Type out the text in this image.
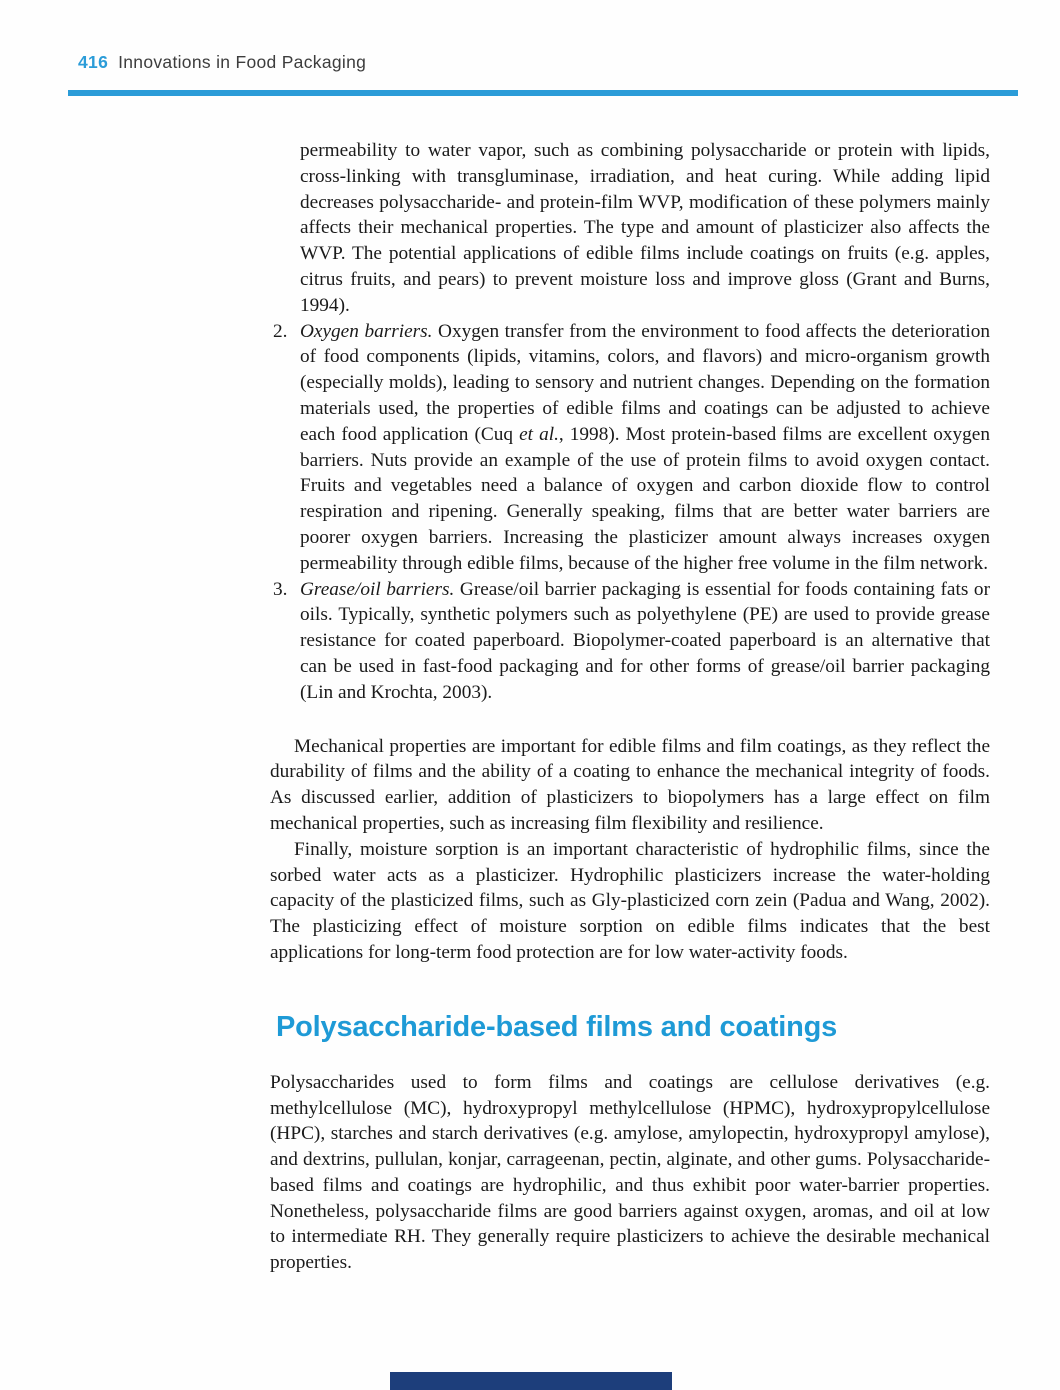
416 Innovations in Food Packaging

permeability to water vapor, such as combining polysaccharide or protein with lipids, cross-linking with transgluminase, irradiation, and heat curing. While adding lipid decreases polysaccharide- and protein-film WVP, modification of these polymers mainly affects their mechanical properties. The type and amount of plasticizer also affects the WVP. The potential applications of edible films include coatings on fruits (e.g. apples, citrus fruits, and pears) to prevent moisture loss and improve gloss (Grant and Burns, 1994).

2. Oxygen barriers. Oxygen transfer from the environment to food affects the deterioration of food components (lipids, vitamins, colors, and flavors) and micro-organism growth (especially molds), leading to sensory and nutrient changes. Depending on the formation materials used, the properties of edible films and coatings can be adjusted to achieve each food application (Cuq et al., 1998). Most protein-based films are excellent oxygen barriers. Nuts provide an example of the use of protein films to avoid oxygen contact. Fruits and vegetables need a balance of oxygen and carbon dioxide flow to control respiration and ripening. Generally speaking, films that are better water barriers are poorer oxygen barriers. Increasing the plasticizer amount always increases oxygen permeability through edible films, because of the higher free volume in the film network.
3. Grease/oil barriers. Grease/oil barrier packaging is essential for foods containing fats or oils. Typically, synthetic polymers such as polyethylene (PE) are used to provide grease resistance for coated paperboard. Biopolymer-coated paperboard is an alternative that can be used in fast-food packaging and for other forms of grease/oil barrier packaging (Lin and Krochta, 2003).

Mechanical properties are important for edible films and film coatings, as they reflect the durability of films and the ability of a coating to enhance the mechanical integrity of foods. As discussed earlier, addition of plasticizers to biopolymers has a large effect on film mechanical properties, such as increasing film flexibility and resilience.

Finally, moisture sorption is an important characteristic of hydrophilic films, since the sorbed water acts as a plasticizer. Hydrophilic plasticizers increase the water-holding capacity of the plasticized films, such as Gly-plasticized corn zein (Padua and Wang, 2002). The plasticizing effect of moisture sorption on edible films indicates that the best applications for long-term food protection are for low water-activity foods.

Polysaccharide-based films and coatings

Polysaccharides used to form films and coatings are cellulose derivatives (e.g. methylcellulose (MC), hydroxypropyl methylcellulose (HPMC), hydroxypropylcellulose (HPC), starches and starch derivatives (e.g. amylose, amylopectin, hydroxypropyl amylose), and dextrins, pullulan, konjar, carrageenan, pectin, alginate, and other gums. Polysaccharide-based films and coatings are hydrophilic, and thus exhibit poor water-barrier properties. Nonetheless, polysaccharide films are good barriers against oxygen, aromas, and oil at low to intermediate RH. They generally require plasticizers to achieve the desirable mechanical properties.
